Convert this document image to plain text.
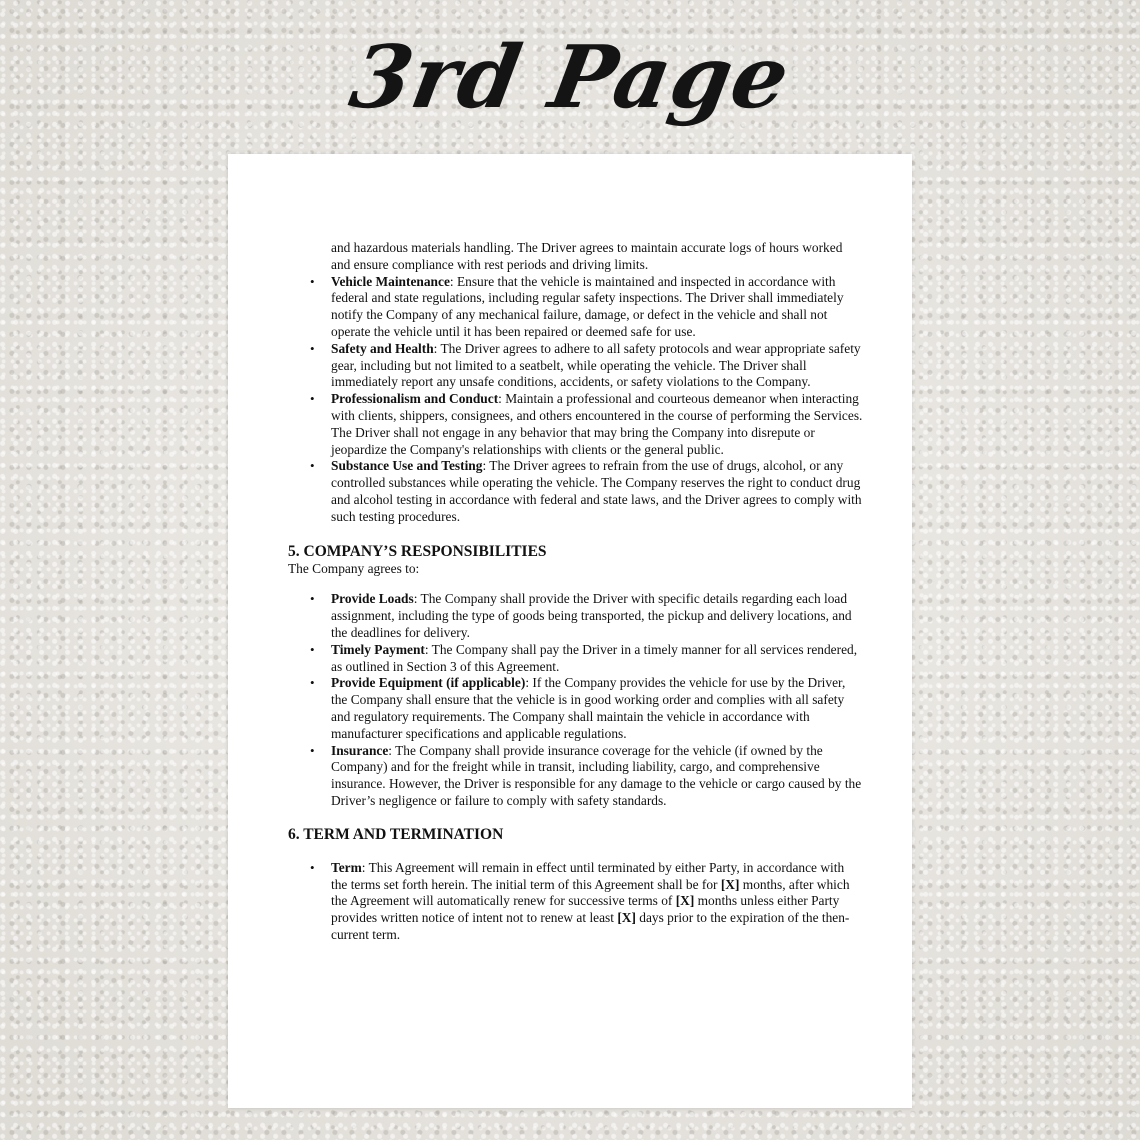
3rd Page

and hazardous materials handling. The Driver agrees to maintain accurate logs of hours worked and ensure compliance with rest periods and driving limits.

• Vehicle Maintenance: Ensure that the vehicle is maintained and inspected in accordance with federal and state regulations, including regular safety inspections. The Driver shall immediately notify the Company of any mechanical failure, damage, or defect in the vehicle and shall not operate the vehicle until it has been repaired or deemed safe for use.
• Safety and Health: The Driver agrees to adhere to all safety protocols and wear appropriate safety gear, including but not limited to a seatbelt, while operating the vehicle. The Driver shall immediately report any unsafe conditions, accidents, or safety violations to the Company.
• Professionalism and Conduct: Maintain a professional and courteous demeanor when interacting with clients, shippers, consignees, and others encountered in the course of performing the Services. The Driver shall not engage in any behavior that may bring the Company into disrepute or jeopardize the Company's relationships with clients or the general public.
• Substance Use and Testing: The Driver agrees to refrain from the use of drugs, alcohol, or any controlled substances while operating the vehicle. The Company reserves the right to conduct drug and alcohol testing in accordance with federal and state laws, and the Driver agrees to comply with such testing procedures.
5. COMPANY’S RESPONSIBILITIES

The Company agrees to:

• Provide Loads: The Company shall provide the Driver with specific details regarding each load assignment, including the type of goods being transported, the pickup and delivery locations, and the deadlines for delivery.
• Timely Payment: The Company shall pay the Driver in a timely manner for all services rendered, as outlined in Section 3 of this Agreement.
• Provide Equipment (if applicable): If the Company provides the vehicle for use by the Driver, the Company shall ensure that the vehicle is in good working order and complies with all safety and regulatory requirements. The Company shall maintain the vehicle in accordance with manufacturer specifications and applicable regulations.
• Insurance: The Company shall provide insurance coverage for the vehicle (if owned by the Company) and for the freight while in transit, including liability, cargo, and comprehensive insurance. However, the Driver is responsible for any damage to the vehicle or cargo caused by the Driver’s negligence or failure to comply with safety standards.
6. TERM AND TERMINATION
• Term: This Agreement will remain in effect until terminated by either Party, in accordance with the terms set forth herein. The initial term of this Agreement shall be for [X] months, after which the Agreement will automatically renew for successive terms of [X] months unless either Party provides written notice of intent not to renew at least [X] days prior to the expiration of the then-current term.
